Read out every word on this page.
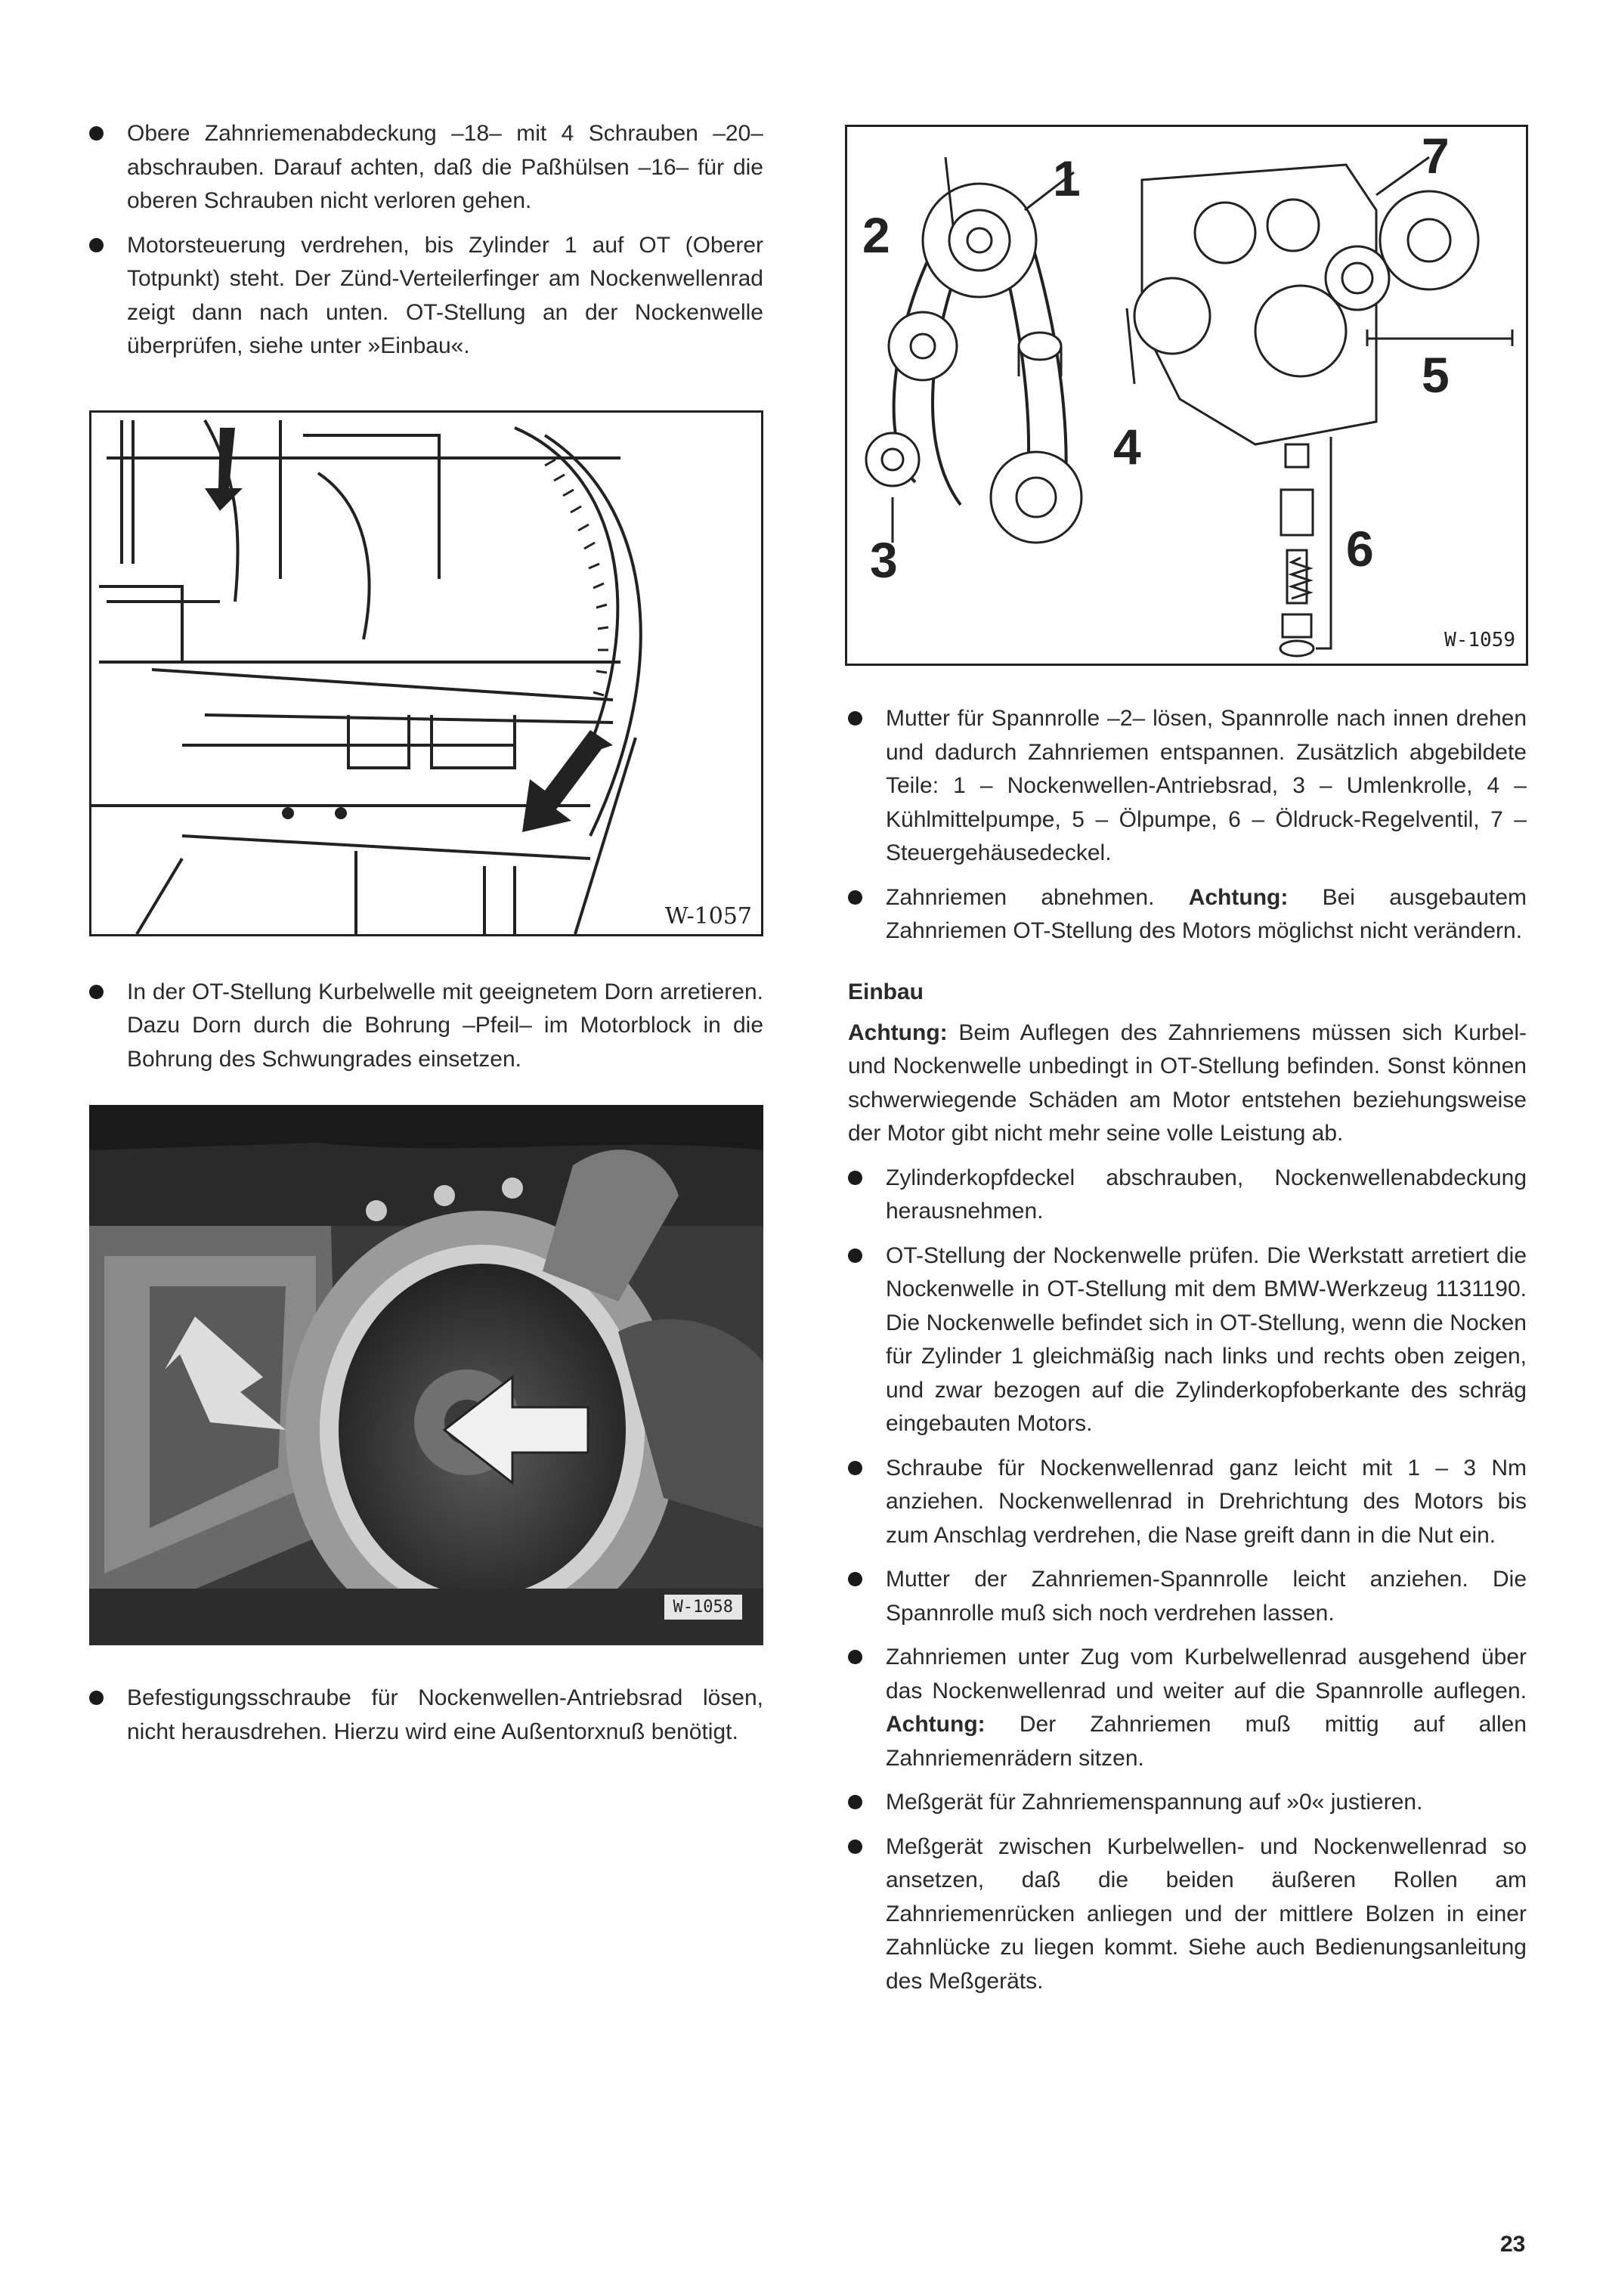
Obere Zahnriemenabdeckung –18– mit 4 Schrauben –20– abschrauben. Darauf achten, daß die Paßhülsen –16– für die oberen Schrauben nicht verloren gehen.

Motorsteuerung verdrehen, bis Zylinder 1 auf OT (Oberer Totpunkt) steht. Der Zünd-Verteilerfinger am Nockenwellenrad zeigt dann nach unten. OT-Stellung an der Nockenwelle überprüfen, siehe unter »Einbau«.

W-1057

In der OT-Stellung Kurbelwelle mit geeignetem Dorn arretieren. Dazu Dorn durch die Bohrung –Pfeil– im Motorblock in die Bohrung des Schwungrades einsetzen.

W-1058

Befestigungsschraube für Nockenwellen-Antriebsrad lösen, nicht herausdrehen. Hierzu wird eine Außentorxnuß benötigt.

1
2
3
4
5
6
7
W-1059

Mutter für Spannrolle –2– lösen, Spannrolle nach innen drehen und dadurch Zahnriemen entspannen. Zusätzlich abgebildete Teile: 1 – Nockenwellen-Antriebsrad, 3 – Umlenkrolle, 4 – Kühlmittelpumpe, 5 – Ölpumpe, 6 – Öldruck-Regelventil, 7 – Steuergehäusedeckel.

Zahnriemen abnehmen. Achtung: Bei ausgebautem Zahnriemen OT-Stellung des Motors möglichst nicht verändern.

Einbau

Achtung: Beim Auflegen des Zahnriemens müssen sich Kurbel- und Nockenwelle unbedingt in OT-Stellung befinden. Sonst können schwerwiegende Schäden am Motor entstehen beziehungsweise der Motor gibt nicht mehr seine volle Leistung ab.

Zylinderkopfdeckel abschrauben, Nockenwellenabdeckung herausnehmen.

OT-Stellung der Nockenwelle prüfen. Die Werkstatt arretiert die Nockenwelle in OT-Stellung mit dem BMW-Werkzeug 1131190. Die Nockenwelle befindet sich in OT-Stellung, wenn die Nocken für Zylinder 1 gleichmäßig nach links und rechts oben zeigen, und zwar bezogen auf die Zylinderkopfoberkante des schräg eingebauten Motors.

Schraube für Nockenwellenrad ganz leicht mit 1 – 3 Nm anziehen. Nockenwellenrad in Drehrichtung des Motors bis zum Anschlag verdrehen, die Nase greift dann in die Nut ein.

Mutter der Zahnriemen-Spannrolle leicht anziehen. Die Spannrolle muß sich noch verdrehen lassen.

Zahnriemen unter Zug vom Kurbelwellenrad ausgehend über das Nockenwellenrad und weiter auf die Spannrolle auflegen. Achtung: Der Zahnriemen muß mittig auf allen Zahnriemenrädern sitzen.

Meßgerät für Zahnriemenspannung auf »0« justieren.

Meßgerät zwischen Kurbelwellen- und Nockenwellenrad so ansetzen, daß die beiden äußeren Rollen am Zahnriemenrücken anliegen und der mittlere Bolzen in einer Zahnlücke zu liegen kommt. Siehe auch Bedienungsanleitung des Meßgeräts.

23
